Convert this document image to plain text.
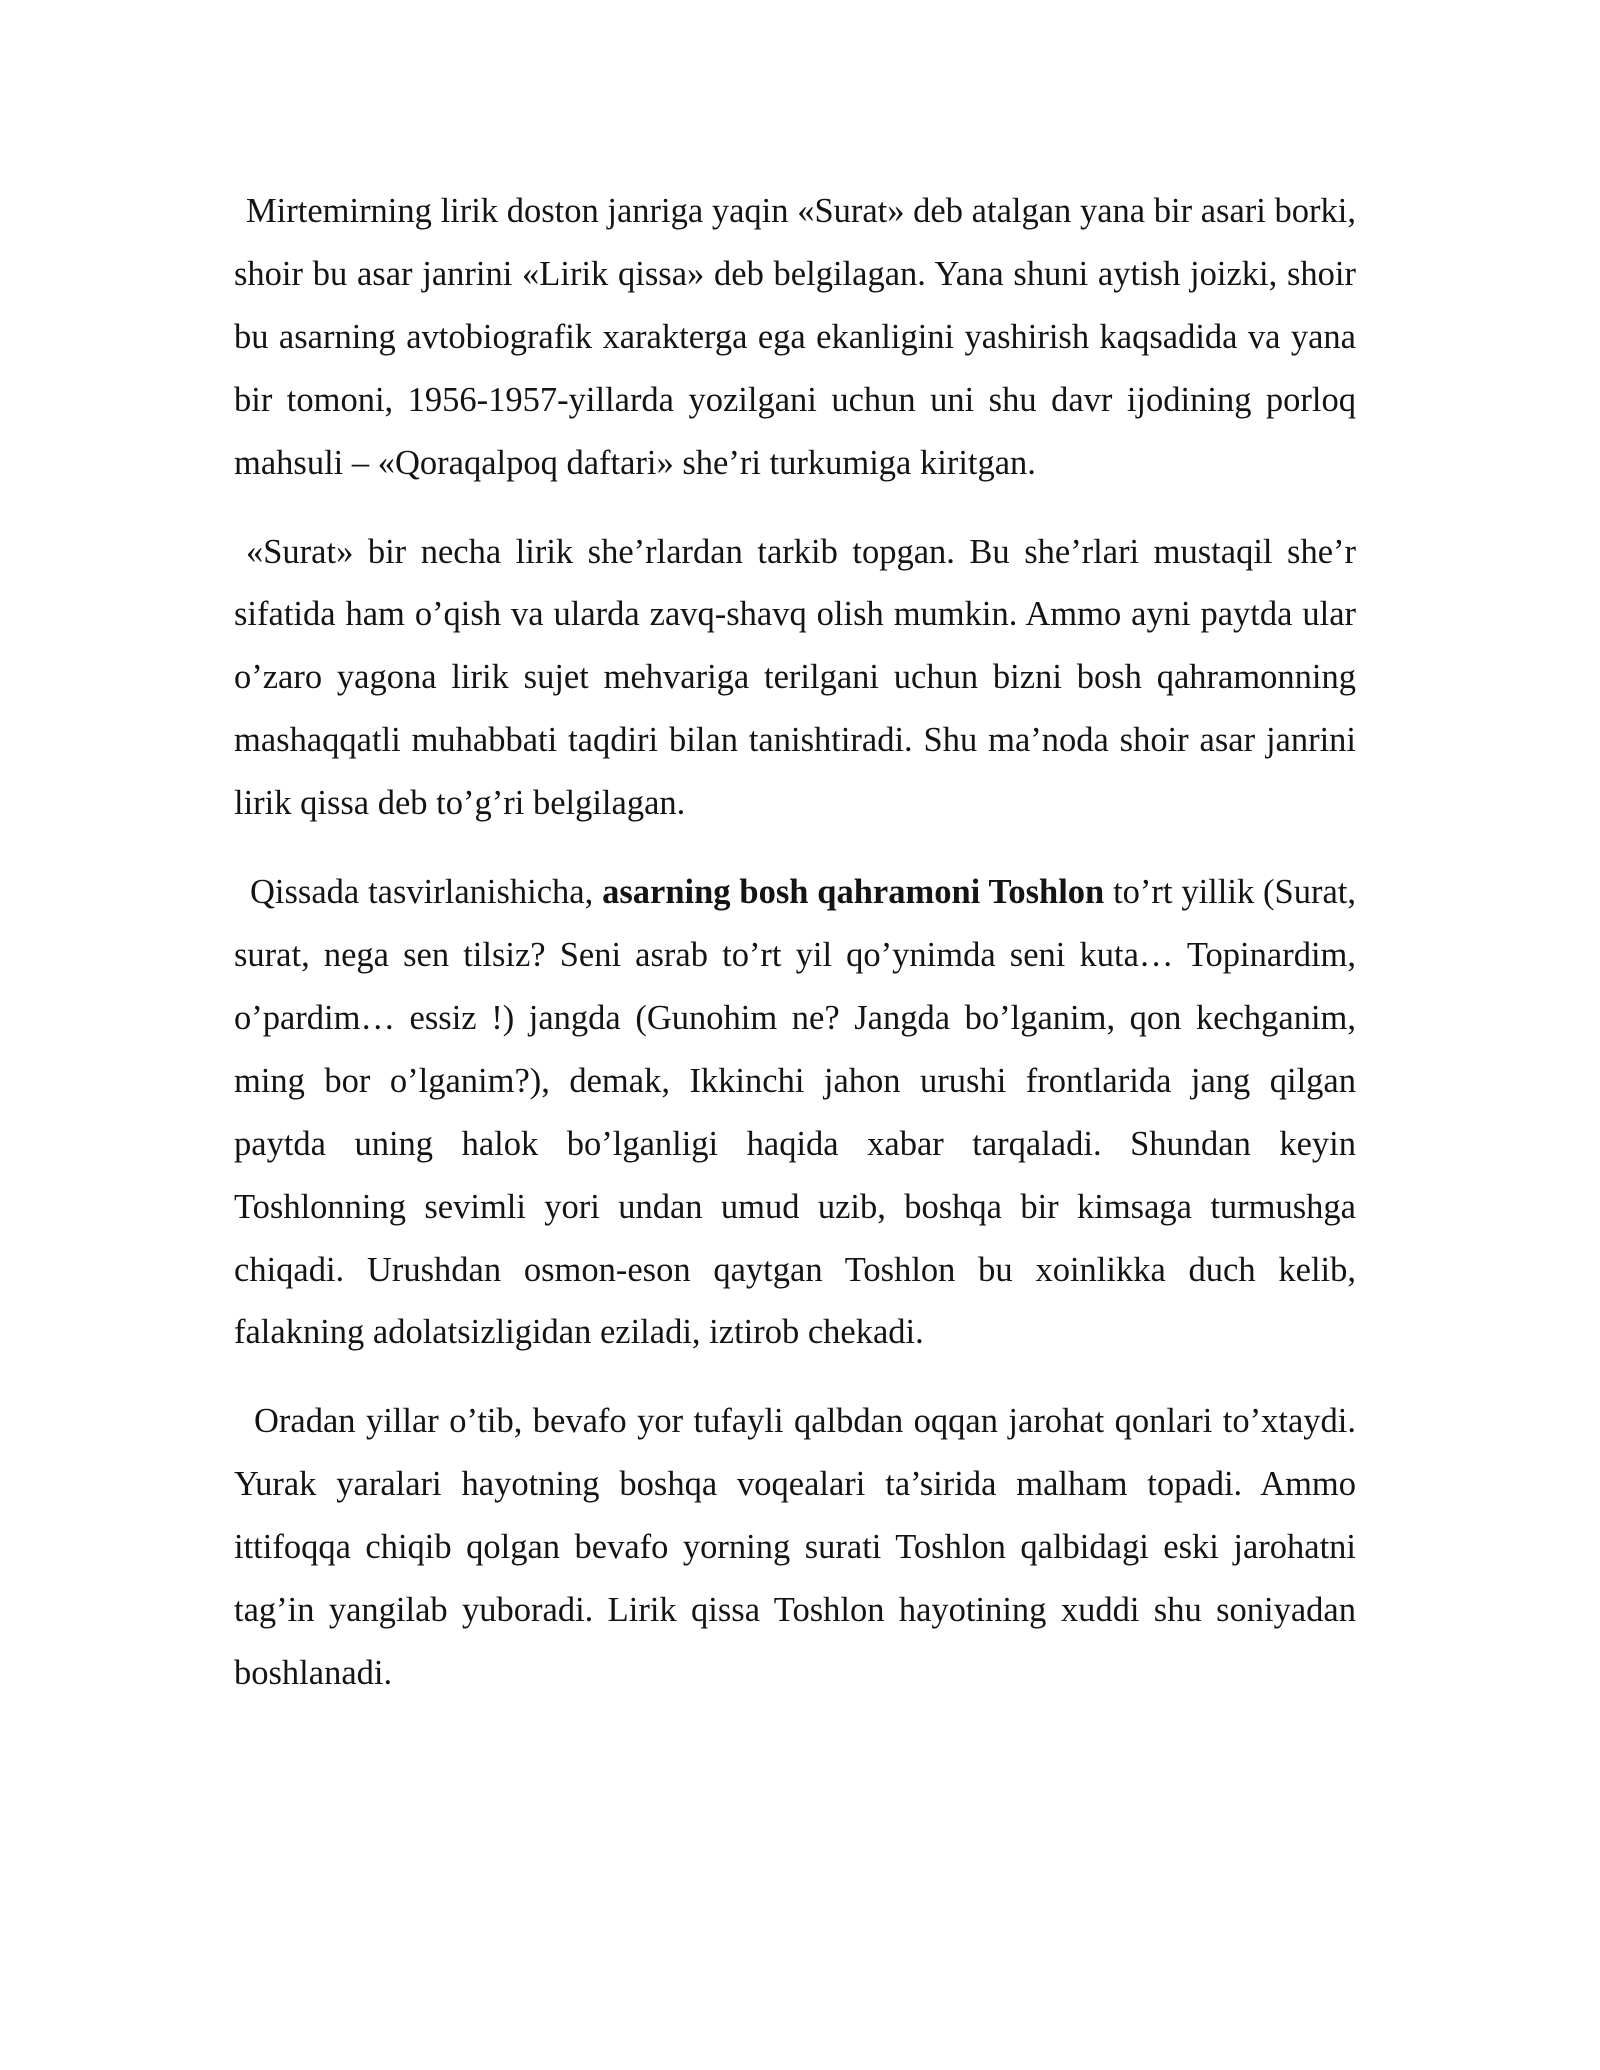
Mirtemirning lirik doston janriga yaqin «Surat» deb atalgan yana bir asari borki, shoir bu asar janrini «Lirik qissa» deb belgilagan. Yana shuni aytish joizki, shoir bu asarning avtobiografik xarakterga ega ekanligini yashirish kaqsadida va yana bir tomoni, 1956-1957-yillarda yozilgani uchun uni shu davr ijodining porloq mahsuli – «Qoraqalpoq daftari» she’ri turkumiga kiritgan.

«Surat» bir necha lirik she’rlardan tarkib topgan. Bu she’rlari mustaqil she’r sifatida ham o’qish va ularda zavq-shavq olish mumkin. Ammo ayni paytda ular o’zaro yagona lirik sujet mehvariga terilgani uchun bizni bosh qahramonning mashaqqatli muhabbati taqdiri bilan tanishtiradi. Shu ma’noda shoir asar janrini lirik qissa deb to’g’ri belgilagan.

Qissada tasvirlanishicha, asarning bosh qahramoni Toshlon to’rt yillik (Surat, surat, nega sen tilsiz? Seni asrab to’rt yil qo’ynimda seni kuta… Topinardim, o’pardim… essiz !) jangda (Gunohim ne? Jangda bo’lganim, qon kechganim, ming bor o’lganim?), demak, Ikkinchi jahon urushi frontlarida jang qilgan paytda uning halok bo’lganligi haqida xabar tarqaladi. Shundan keyin Toshlonning sevimli yori undan umud uzib, boshqa bir kimsaga turmushga chiqadi. Urushdan osmon-eson qaytgan Toshlon bu xoinlikka duch kelib, falakning adolatsizligidan eziladi, iztirob chekadi.

Oradan yillar o’tib, bevafo yor tufayli qalbdan oqqan jarohat qonlari to’xtaydi. Yurak yaralari hayotning boshqa voqealari ta’sirida malham topadi. Ammo ittifoqqa chiqib qolgan bevafo yorning surati Toshlon qalbidagi eski jarohatni tag’in yangilab yuboradi. Lirik qissa Toshlon hayotining xuddi shu soniyadan boshlanadi.
